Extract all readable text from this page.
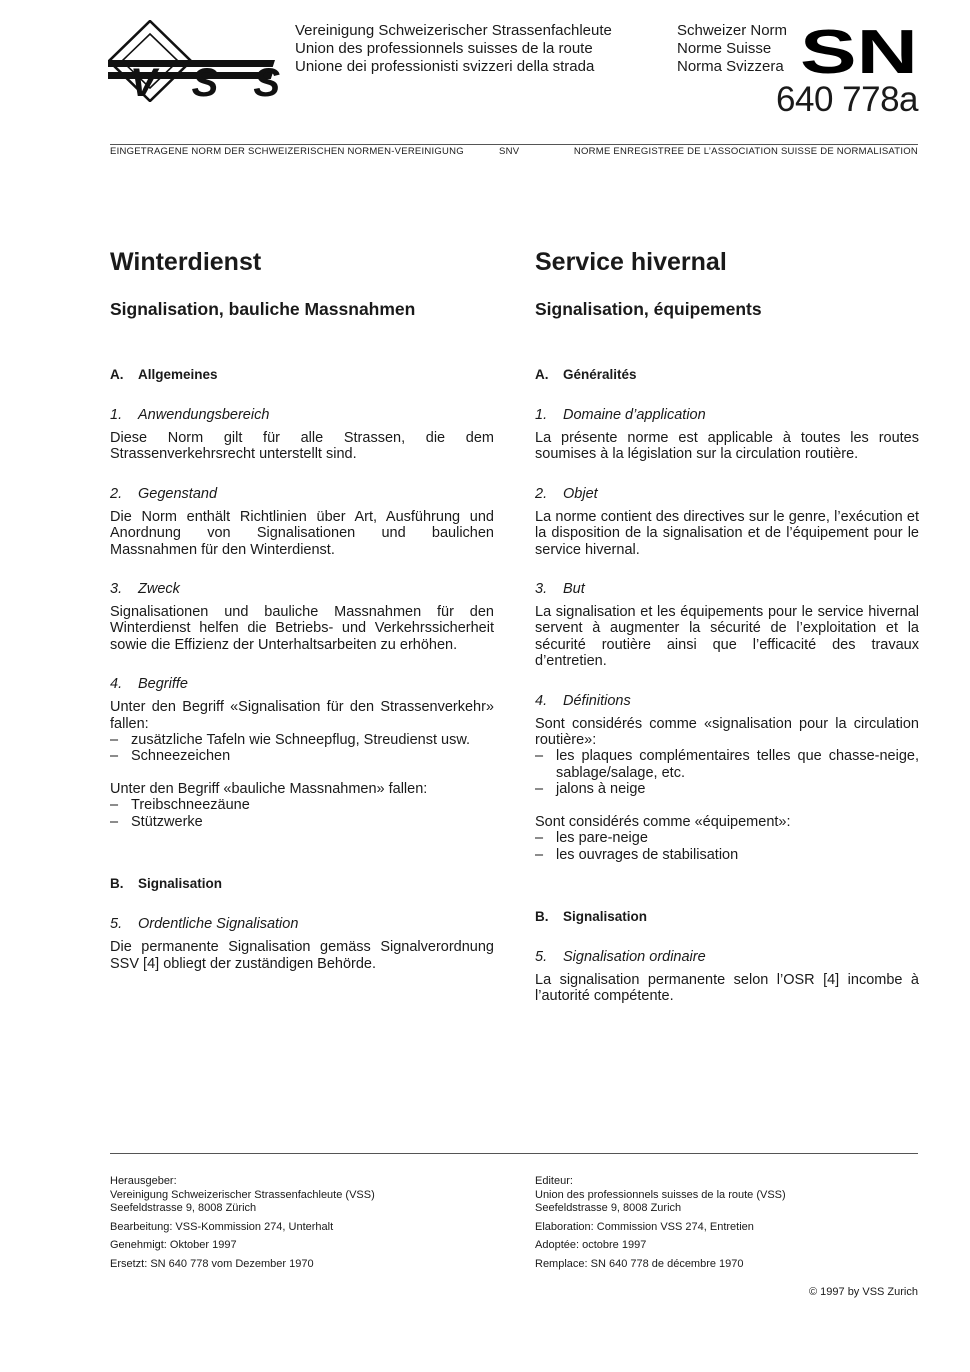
VSS
Vereinigung Schweizerischer Strassenfachleute
Union des professionnels suisses de la route
Unione dei professionisti svizzeri della strada
Schweizer Norm
Norme Suisse
Norma Svizzera SN
640 778a
EINGETRAGENE NORM DER SCHWEIZERISCHEN NORMEN-VEREINIGUNG	SNV	NORME ENREGISTREE DE L’ASSOCIATION SUISSE DE NORMALISATION
Winterdienst
Signalisation, bauliche Massnahmen
A. Allgemeines
1. Anwendungsbereich

Diese Norm gilt für alle Strassen, die dem Strassenverkehrsrecht unterstellt sind.

2. Gegenstand

Die Norm enthält Richtlinien über Art, Ausführung und Anordnung von Signalisationen und baulichen Massnahmen für den Winterdienst.

3. Zweck

Signalisationen und bauliche Massnahmen für den Winterdienst helfen die Betriebs- und Verkehrssicherheit sowie die Effizienz der Unterhaltsarbeiten zu erhöhen.

4. Begriffe

Unter den Begriff «Signalisation für den Strassenverkehr» fallen:

– zusätzliche Tafeln wie Schneepflug, Streudienst usw.
– Schneezeichen

Unter den Begriff «bauliche Massnahmen» fallen:

– Treibschneezäune
– Stützwerke
B. Signalisation
5. Ordentliche Signalisation

Die permanente Signalisation gemäss Signalverordnung SSV [4] obliegt der zuständigen Behörde.

Service hivernal
Signalisation, équipements
A. Généralités
1. Domaine d’application

La présente norme est applicable à toutes les routes soumises à la législation sur la circulation routière.

2. Objet

La norme contient des directives sur le genre, l’exécution et la disposition de la signalisation et de l’équipement pour le service hivernal.

3. But

La signalisation et les équipements pour le service hivernal servent à augmenter la sécurité de l’exploitation et la sécurité routière ainsi que l’efficacité des travaux d’entretien.

4. Définitions

Sont considérés comme «signalisation pour la circulation routière»:

– les plaques complémentaires telles que chasse-neige, sablage/salage, etc.
– jalons à neige

Sont considérés comme «équipement»:

– les pare-neige
– les ouvrages de stabilisation
B. Signalisation
5. Signalisation ordinaire

La signalisation permanente selon l’OSR [4] incombe à l’autorité compétente.

Herausgeber:
Vereinigung Schweizerischer Strassenfachleute (VSS)
Seefeldstrasse 9, 8008 Zürich
Bearbeitung: VSS-Kommission 274, Unterhalt
Genehmigt: Oktober 1997
Ersetzt: SN 640 778 vom Dezember 1970
Editeur:
Union des professionnels suisses de la route (VSS)
Seefeldstrasse 9, 8008 Zurich
Elaboration: Commission VSS 274, Entretien
Adoptée: octobre 1997
Remplace: SN 640 778 de décembre 1970
© 1997 by VSS Zurich
